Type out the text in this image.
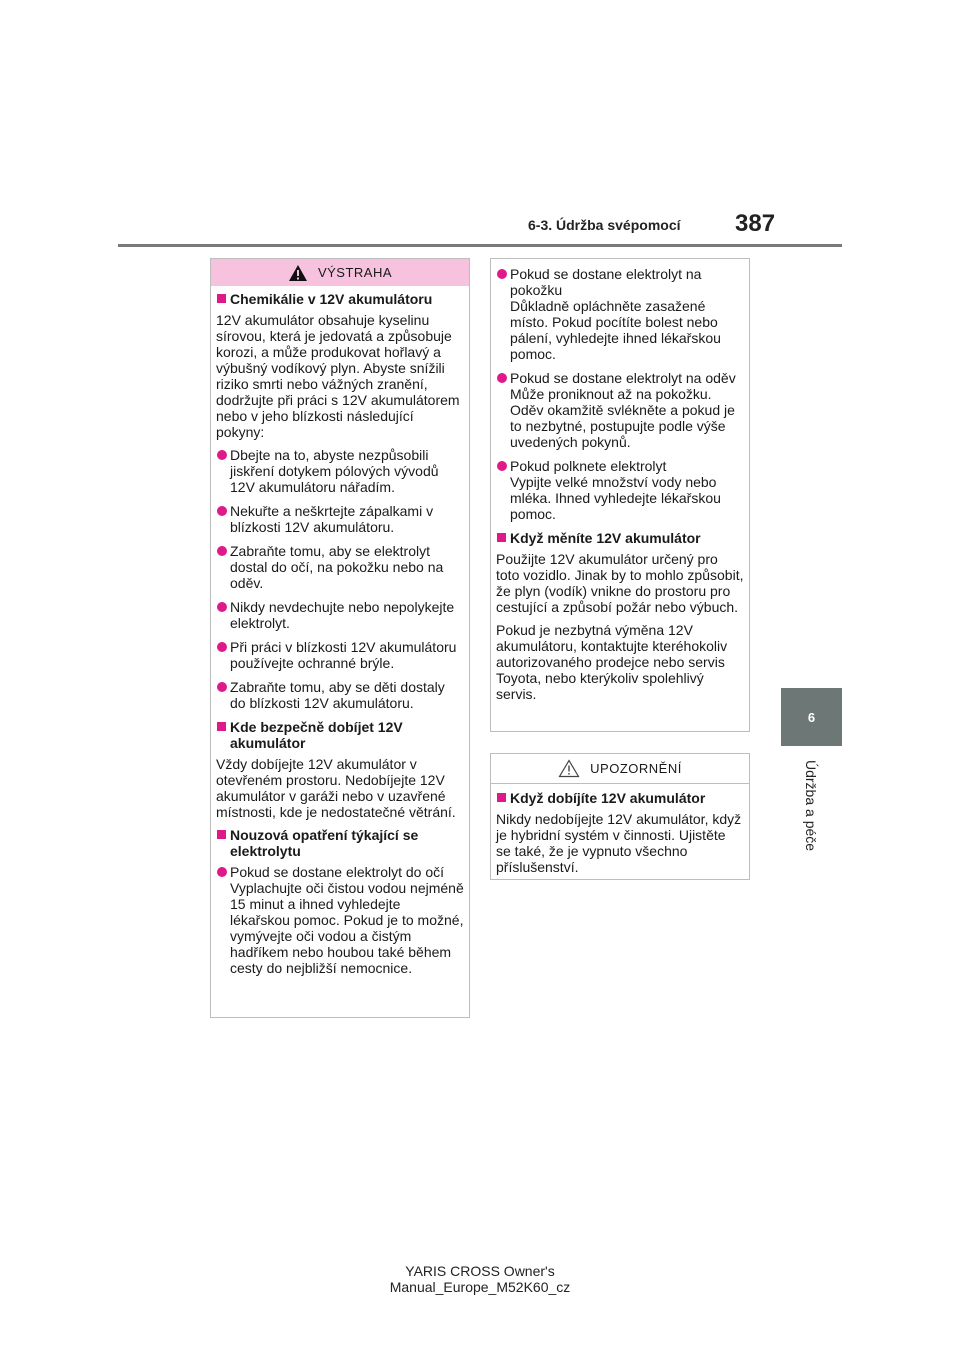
6-3. Údržba svépomocí 387
6
Údržba a péče
VÝSTRAHA
Chemikálie v 12V akumulátoru
12V akumulátor obsahuje kyselinu sírovou, která je jedovatá a způsobuje korozi, a může produkovat hořlavý a výbušný vodíkový plyn. Abyste snížili riziko smrti nebo vážných zranění, dodržujte při práci s 12V akumulátorem nebo v jeho blízkosti následující pokyny:
Dbejte na to, abyste nezpůsobili jiskření dotykem pólových vývodů 12V akumulátoru nářadím.
Nekuřte a neškrtejte zápalkami v blízkosti 12V akumulátoru.
Zabraňte tomu, aby se elektrolyt dostal do očí, na pokožku nebo na oděv.
Nikdy nevdechujte nebo nepolykejte elektrolyt.
Při práci v blízkosti 12V akumulátoru používejte ochranné brýle.
Zabraňte tomu, aby se děti dostaly do blízkosti 12V akumulátoru.
Kde bezpečně dobíjet 12V akumulátor
Vždy dobíjejte 12V akumulátor v otevřeném prostoru. Nedobíjejte 12V akumulátor v garáži nebo v uzavřené místnosti, kde je nedostatečné větrání.
Nouzová opatření týkající se elektrolytu
Pokud se dostane elektrolyt do očí
Vyplachujte oči čistou vodou nejméně 15 minut a ihned vyhledejte lékařskou pomoc. Pokud je to možné, vymývejte oči vodou a čistým hadříkem nebo houbou také během cesty do nejbližší nemocnice.
Pokud se dostane elektrolyt na pokožku
Důkladně opláchněte zasažené místo. Pokud pocítíte bolest nebo pálení, vyhledejte ihned lékařskou pomoc.
Pokud se dostane elektrolyt na oděv
Může proniknout až na pokožku. Oděv okamžitě svlékněte a pokud je to nezbytné, postupujte podle výše uvedených pokynů.
Pokud polknete elektrolyt
Vypijte velké množství vody nebo mléka. Ihned vyhledejte lékařskou pomoc.
Když měníte 12V akumulátor
Použijte 12V akumulátor určený pro toto vozidlo. Jinak by to mohlo způsobit, že plyn (vodík) vnikne do prostoru pro cestující a způsobí požár nebo výbuch.
Pokud je nezbytná výměna 12V akumulátoru, kontaktujte kteréhokoliv autorizovaného prodejce nebo servis Toyota, nebo kterýkoliv spolehlivý servis.
UPOZORNĚNÍ
Když dobíjíte 12V akumulátor
Nikdy nedobíjejte 12V akumulátor, když je hybridní systém v činnosti. Ujistěte se také, že je vypnuto všechno příslušenství.
YARIS CROSS Owner's Manual_Europe_M52K60_cz
